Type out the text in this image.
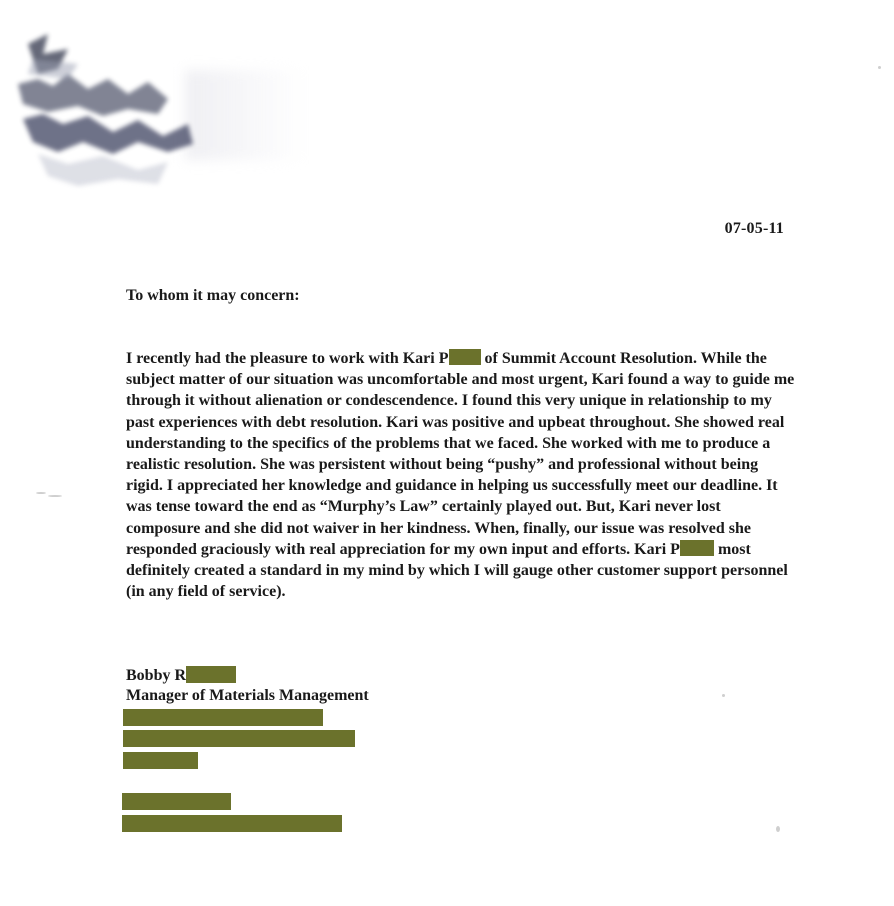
07-05-11
To whom it may concern:

I recently had the pleasure to work with Kari P of Summit Account Resolution. While the subject matter of our situation was uncomfortable and most urgent, Kari found a way to guide me through it without alienation or condescendence. I found this very unique in relationship to my past experiences with debt resolution. Kari was positive and upbeat throughout. She showed real understanding to the specifics of the problems that we faced. She worked with me to produce a realistic resolution. She was persistent without being “pushy” and professional without being rigid. I appreciated her knowledge and guidance in helping us successfully meet our deadline. It was tense toward the end as “Murphy’s Law” certainly played out. But, Kari never lost composure and she did not waiver in her kindness. When, finally, our issue was resolved she responded graciously with real appreciation for my own input and efforts. Kari P most definitely created a standard in my mind by which I will gauge other customer support personnel (in any field of service).

Bobby R
Manager of Materials Management
